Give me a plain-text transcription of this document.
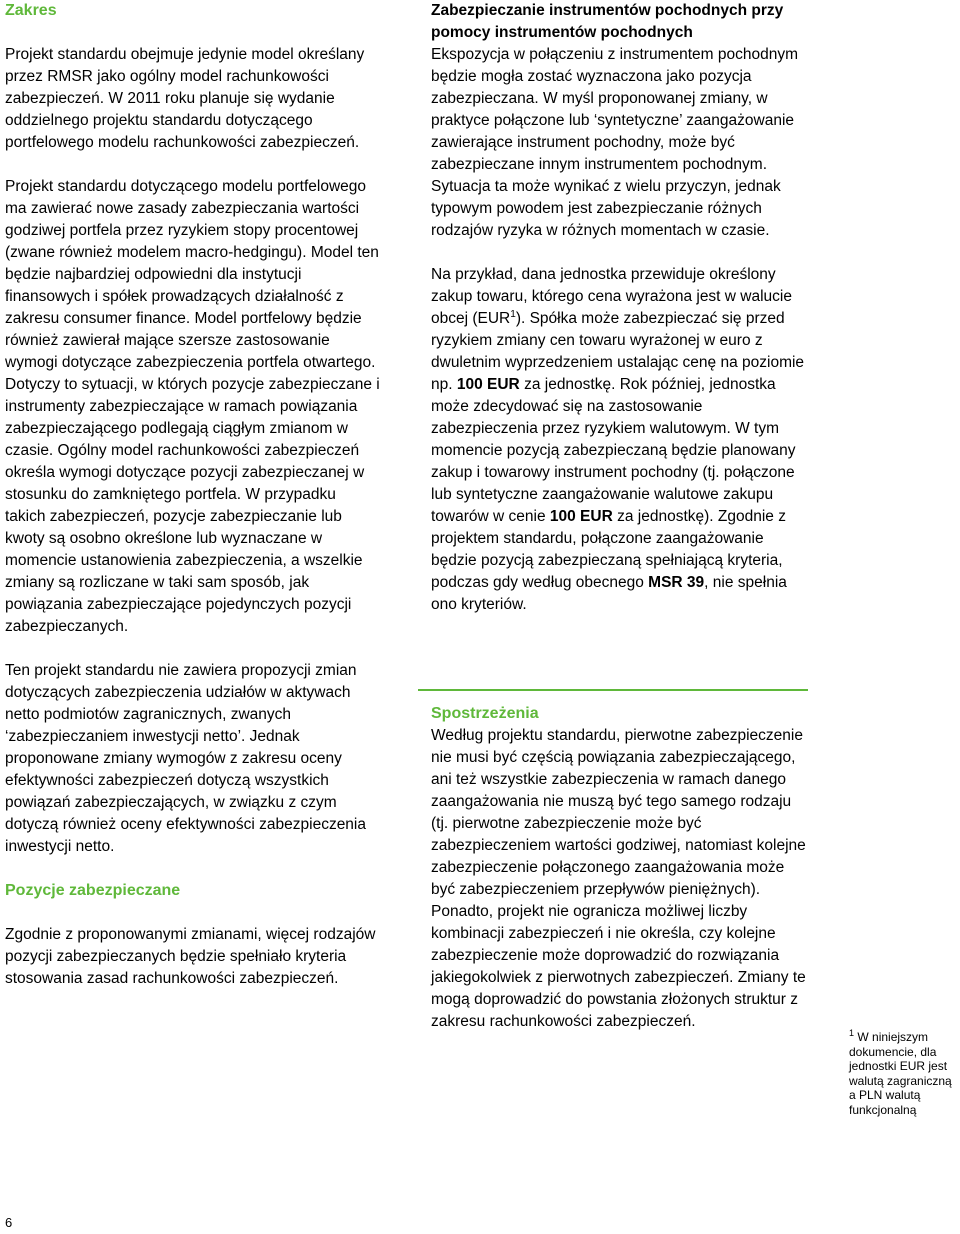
Zakres

Projekt standardu obejmuje jedynie model określany przez RMSR jako ogólny model rachunkowości zabezpieczeń. W 2011 roku planuje się wydanie oddzielnego projektu standardu dotyczącego portfelowego modelu rachunkowości zabezpieczeń.

Projekt standardu dotyczącego modelu portfelowego ma zawierać nowe zasady zabezpieczania wartości godziwej portfela przez ryzykiem stopy procentowej (zwane również modelem macro-hedgingu). Model ten będzie najbardziej odpowiedni dla instytucji finansowych i spółek prowadzących działalność z zakresu consumer finance. Model portfelowy będzie również zawierał mające szersze zastosowanie wymogi dotyczące zabezpieczenia portfela otwartego. Dotyczy to sytuacji, w których pozycje zabezpieczane i instrumenty zabezpieczające w ramach powiązania zabezpieczającego podlegają ciągłym zmianom w czasie. Ogólny model rachunkowości zabezpieczeń określa wymogi dotyczące pozycji zabezpieczanej w stosunku do zamkniętego portfela. W przypadku takich zabezpieczeń, pozycje zabezpieczanie lub kwoty są osobno określone lub wyznaczane w momencie ustanowienia zabezpieczenia, a wszelkie zmiany są rozliczane w taki sam sposób, jak powiązania zabezpieczające pojedynczych pozycji zabezpieczanych.

Ten projekt standardu nie zawiera propozycji zmian dotyczących zabezpieczenia udziałów w aktywach netto podmiotów zagranicznych, zwanych ‘zabezpieczaniem inwestycji netto’. Jednak proponowane zmiany wymogów z zakresu oceny efektywności zabezpieczeń dotyczą wszystkich powiązań zabezpieczających, w związku z czym dotyczą również oceny efektywności zabezpieczenia inwestycji netto.

Pozycje zabezpieczane

Zgodnie z proponowanymi zmianami, więcej rodzajów pozycji zabezpieczanych będzie spełniało kryteria stosowania zasad rachunkowości zabezpieczeń.

Zabezpieczanie instrumentów pochodnych przy pomocy instrumentów pochodnych

Ekspozycja w połączeniu z instrumentem pochodnym będzie mogła zostać wyznaczona jako pozycja zabezpieczana. W myśl proponowanej zmiany, w praktyce połączone lub ‘syntetyczne’ zaangażowanie zawierające instrument pochodny, może być zabezpieczane innym instrumentem pochodnym. Sytuacja ta może wynikać z wielu przyczyn, jednak typowym powodem jest zabezpieczanie różnych rodzajów ryzyka w różnych momentach w czasie.

Na przykład, dana jednostka przewiduje określony zakup towaru, którego cena wyrażona jest w walucie obcej (EUR$^1$). Spółka może zabezpieczać się przed ryzykiem zmiany cen towaru wyrażonej w euro z dwuletnim wyprzedzeniem ustalając cenę na poziomie np. 100 EUR za jednostkę. Rok później, jednostka może zdecydować się na zastosowanie zabezpieczenia przez ryzykiem walutowym. W tym momencie pozycją zabezpieczaną będzie planowany zakup i towarowy instrument pochodny (tj. połączone lub syntetyczne zaangażowanie walutowe zakupu towarów w cenie 100 EUR za jednostkę). Zgodnie z projektem standardu, połączone zaangażowanie będzie pozycją zabezpieczaną spełniającą kryteria, podczas gdy według obecnego MSR 39, nie spełnia ono kryteriów.

Spostrzeżenia

Według projektu standardu, pierwotne zabezpieczenie nie musi być częścią powiązania zabezpieczającego, ani też wszystkie zabezpieczenia w ramach danego zaangażowania nie muszą być tego samego rodzaju (tj. pierwotne zabezpieczenie może być zabezpieczeniem wartości godziwej, natomiast kolejne zabezpieczenie połączonego zaangażowania może być zabezpieczeniem przepływów pieniężnych). Ponadto, projekt nie ogranicza możliwej liczby kombinacji zabezpieczeń i nie określa, czy kolejne zabezpieczenie może doprowadzić do rozwiązania jakiegokolwiek z pierwotnych zabezpieczeń. Zmiany te mogą doprowadzić do powstania złożonych struktur z zakresu rachunkowości zabezpieczeń.

$^1$ W niniejszym dokumencie, dla jednostki EUR jest walutą zagraniczną a PLN walutą funkcjonalną
6
